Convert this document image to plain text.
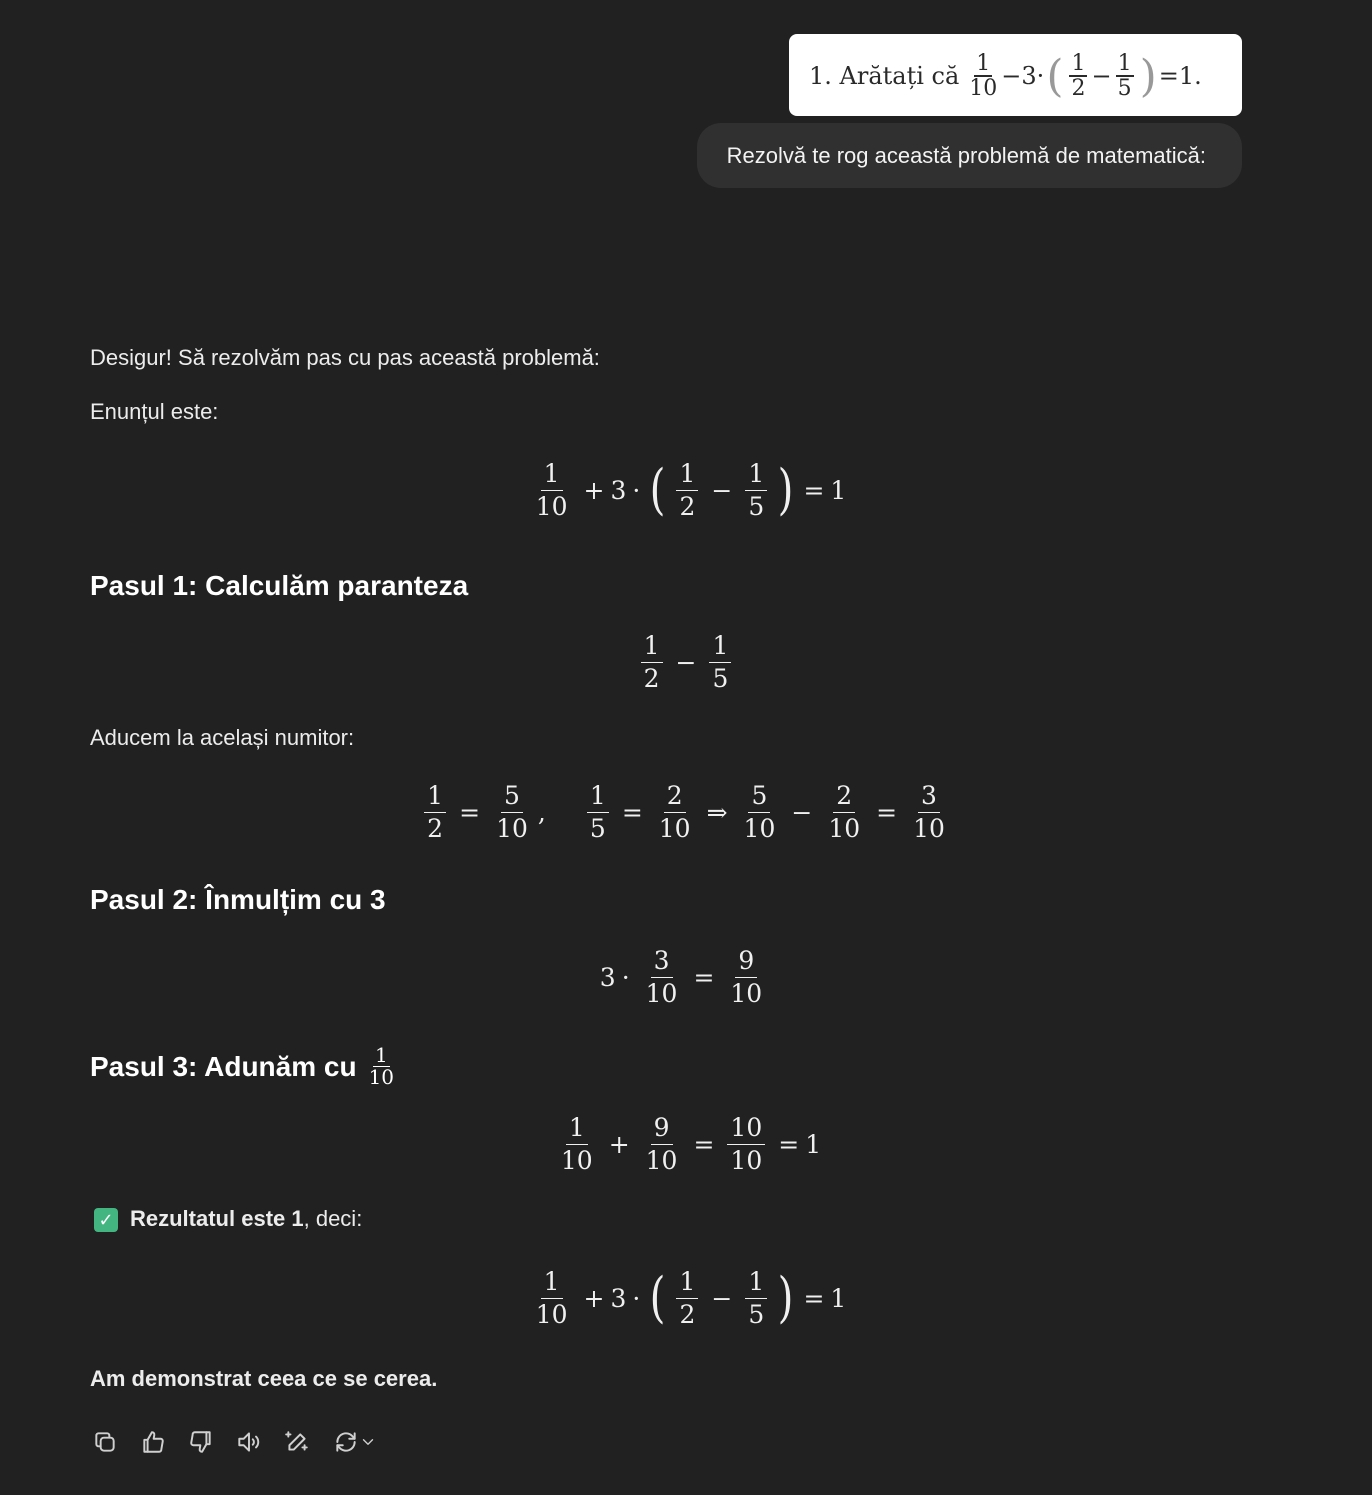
1. Arătați că $\frac{1}{10} -3\cdot$ ( $\frac{1}{2} - \frac{1}{5}$ ) =1.
Rezolvă te rog această problemă de matematică:
Desigur! Să rezolvăm pas cu pas această problemă:
Enunțul este:
$\frac{1}{10} + 3$ · ( $\frac{1}{2} - \frac{1}{5}$ ) = 1
Pasul 1: Calculăm paranteza
$\frac{1}{2} - \frac{1}{5}$
Aducem la același numitor:
$\frac{1}{2} = \frac{5}{10}$ , $\frac{1}{5} = \frac{2}{10}$ ⇒ $\frac{5}{10} - \frac{2}{10} = \frac{3}{10}$
Pasul 2: Înmulțim cu 3
$3 \cdot \frac{3}{10} = \frac{9}{10}$
Pasul 3: Adunăm cu 1
10
$\frac{1}{10} + \frac{9}{10} = \frac{10}{10} = 1$
✓ Rezultatul este 1, deci:
$\frac{1}{10} + 3$ · ( $\frac{1}{2} - \frac{1}{5}$ ) = 1
Am demonstrat ceea ce se cerea.
